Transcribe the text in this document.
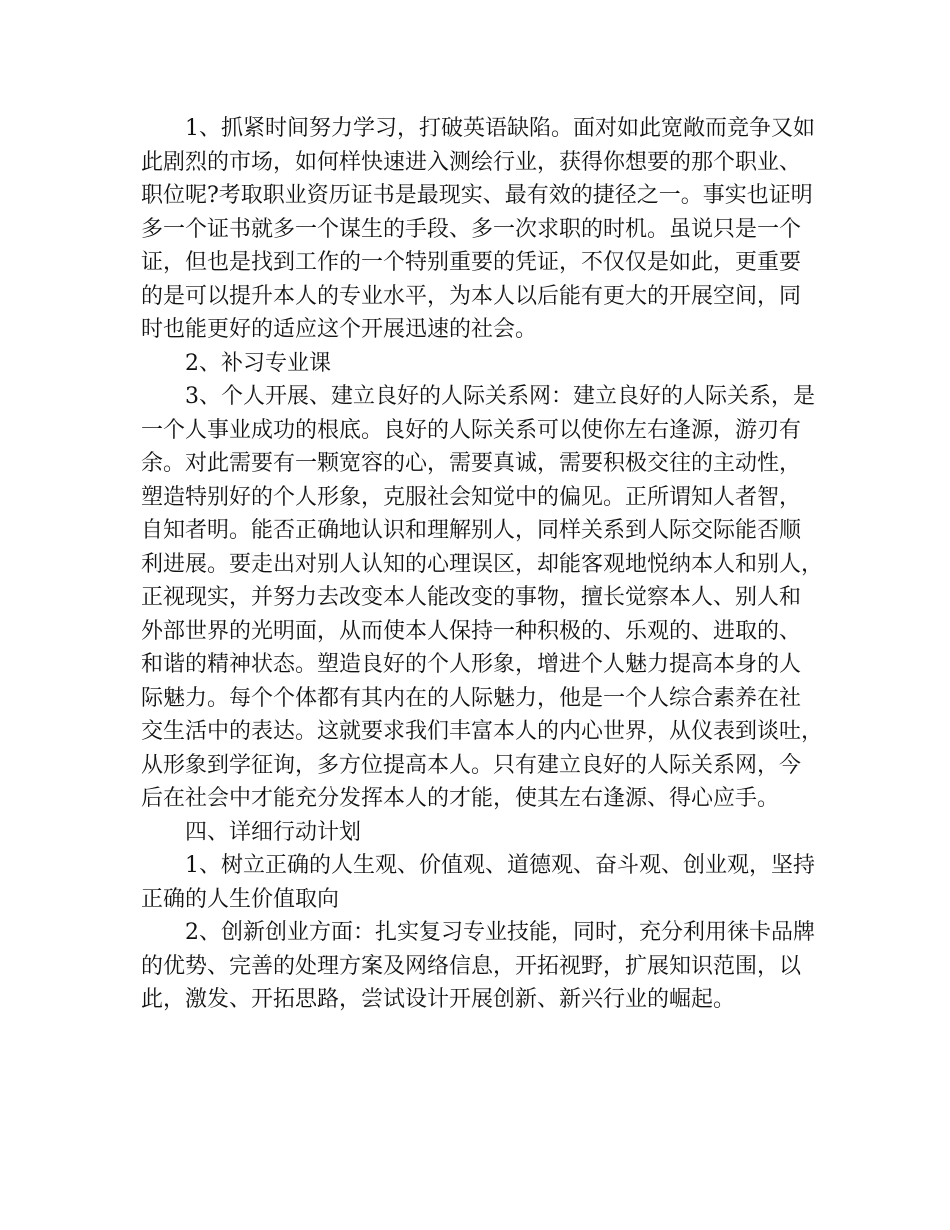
1、抓紧时间努力学习，打破英语缺陷。面对如此宽敞而竞争又如
此剧烈的市场，如何样快速进入测绘行业，获得你想要的那个职业、
职位呢?考取职业资历证书是最现实、最有效的捷径之一。事实也证明
多一个证书就多一个谋生的手段、多一次求职的时机。虽说只是一个
证，但也是找到工作的一个特别重要的凭证，不仅仅是如此，更重要
的是可以提升本人的专业水平，为本人以后能有更大的开展空间，同
时也能更好的适应这个开展迅速的社会。
2、补习专业课
3、个人开展、建立良好的人际关系网：建立良好的人际关系，是
一个人事业成功的根底。良好的人际关系可以使你左右逢源，游刃有
余。对此需要有一颗宽容的心，需要真诚，需要积极交往的主动性，
塑造特别好的个人形象，克服社会知觉中的偏见。正所谓知人者智，
自知者明。能否正确地认识和理解别人，同样关系到人际交际能否顺
利进展。要走出对别人认知的心理误区，却能客观地悦纳本人和别人，
正视现实，并努力去改变本人能改变的事物，擅长觉察本人、别人和
外部世界的光明面，从而使本人保持一种积极的、乐观的、进取的、
和谐的精神状态。塑造良好的个人形象，增进个人魅力提高本身的人
际魅力。每个个体都有其内在的人际魅力，他是一个人综合素养在社
交生活中的表达。这就要求我们丰富本人的内心世界，从仪表到谈吐，
从形象到学征询，多方位提高本人。只有建立良好的人际关系网，今
后在社会中才能充分发挥本人的才能，使其左右逢源、得心应手。
四、详细行动计划
1、树立正确的人生观、价值观、道德观、奋斗观、创业观，坚持
正确的人生价值取向
2、创新创业方面：扎实复习专业技能，同时，充分利用徕卡品牌
的优势、完善的处理方案及网络信息，开拓视野，扩展知识范围，以
此，激发、开拓思路，尝试设计开展创新、新兴行业的崛起。
